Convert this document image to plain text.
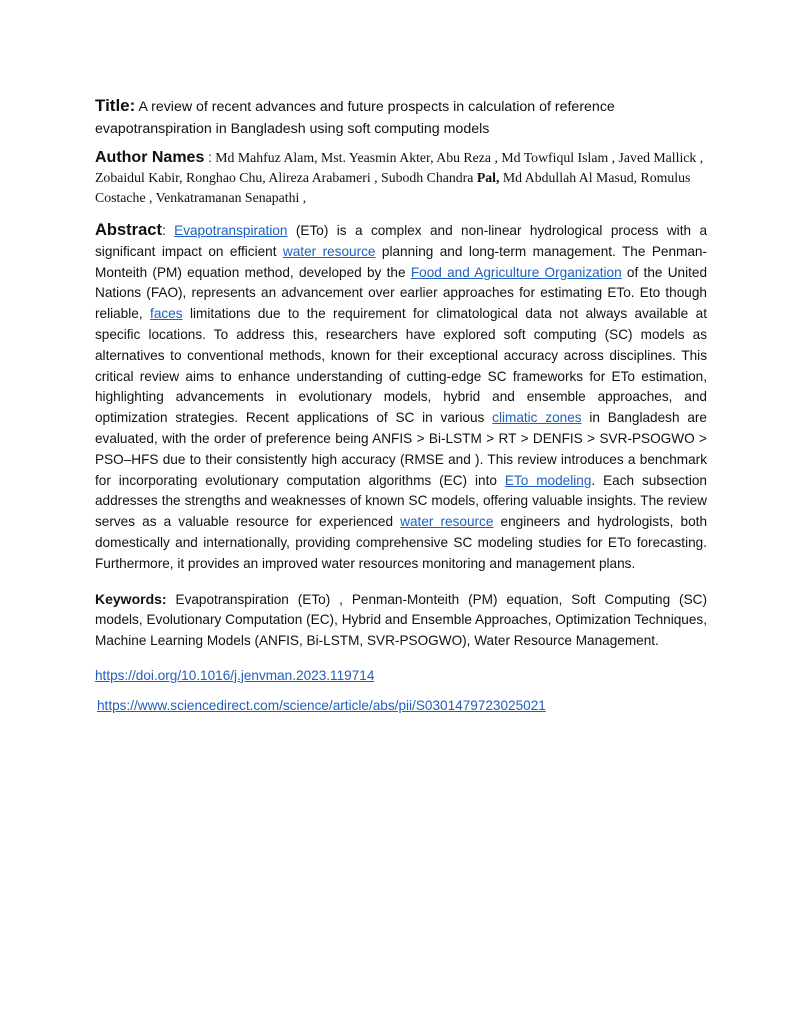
Title: A review of recent advances and future prospects in calculation of reference evapotranspiration in Bangladesh using soft computing models
Author Names : Md Mahfuz Alam, Mst. Yeasmin Akter, Abu Reza , Md Towfiqul Islam , Javed Mallick , Zobaidul Kabir, Ronghao Chu, Alireza Arabameri , Subodh Chandra Pal, Md Abdullah Al Masud, Romulus Costache , Venkatramanan Senapathi ,
Abstract: Evapotranspiration (ETo) is a complex and non-linear hydrological process with a significant impact on efficient water resource planning and long-term management. The Penman-Monteith (PM) equation method, developed by the Food and Agriculture Organization of the United Nations (FAO), represents an advancement over earlier approaches for estimating ETo. Eto though reliable, faces limitations due to the requirement for climatological data not always available at specific locations. To address this, researchers have explored soft computing (SC) models as alternatives to conventional methods, known for their exceptional accuracy across disciplines. This critical review aims to enhance understanding of cutting-edge SC frameworks for ETo estimation, highlighting advancements in evolutionary models, hybrid and ensemble approaches, and optimization strategies. Recent applications of SC in various climatic zones in Bangladesh are evaluated, with the order of preference being ANFIS > Bi-LSTM > RT > DENFIS > SVR-PSOGWO > PSO–HFS due to their consistently high accuracy (RMSE and ). This review introduces a benchmark for incorporating evolutionary computation algorithms (EC) into ETo modeling. Each subsection addresses the strengths and weaknesses of known SC models, offering valuable insights. The review serves as a valuable resource for experienced water resource engineers and hydrologists, both domestically and internationally, providing comprehensive SC modeling studies for ETo forecasting. Furthermore, it provides an improved water resources monitoring and management plans.
Keywords: Evapotranspiration (ETo) , Penman-Monteith (PM) equation, Soft Computing (SC) models, Evolutionary Computation (EC), Hybrid and Ensemble Approaches, Optimization Techniques, Machine Learning Models (ANFIS, Bi-LSTM, SVR-PSOGWO), Water Resource Management.
https://doi.org/10.1016/j.jenvman.2023.119714
https://www.sciencedirect.com/science/article/abs/pii/S0301479723025021
